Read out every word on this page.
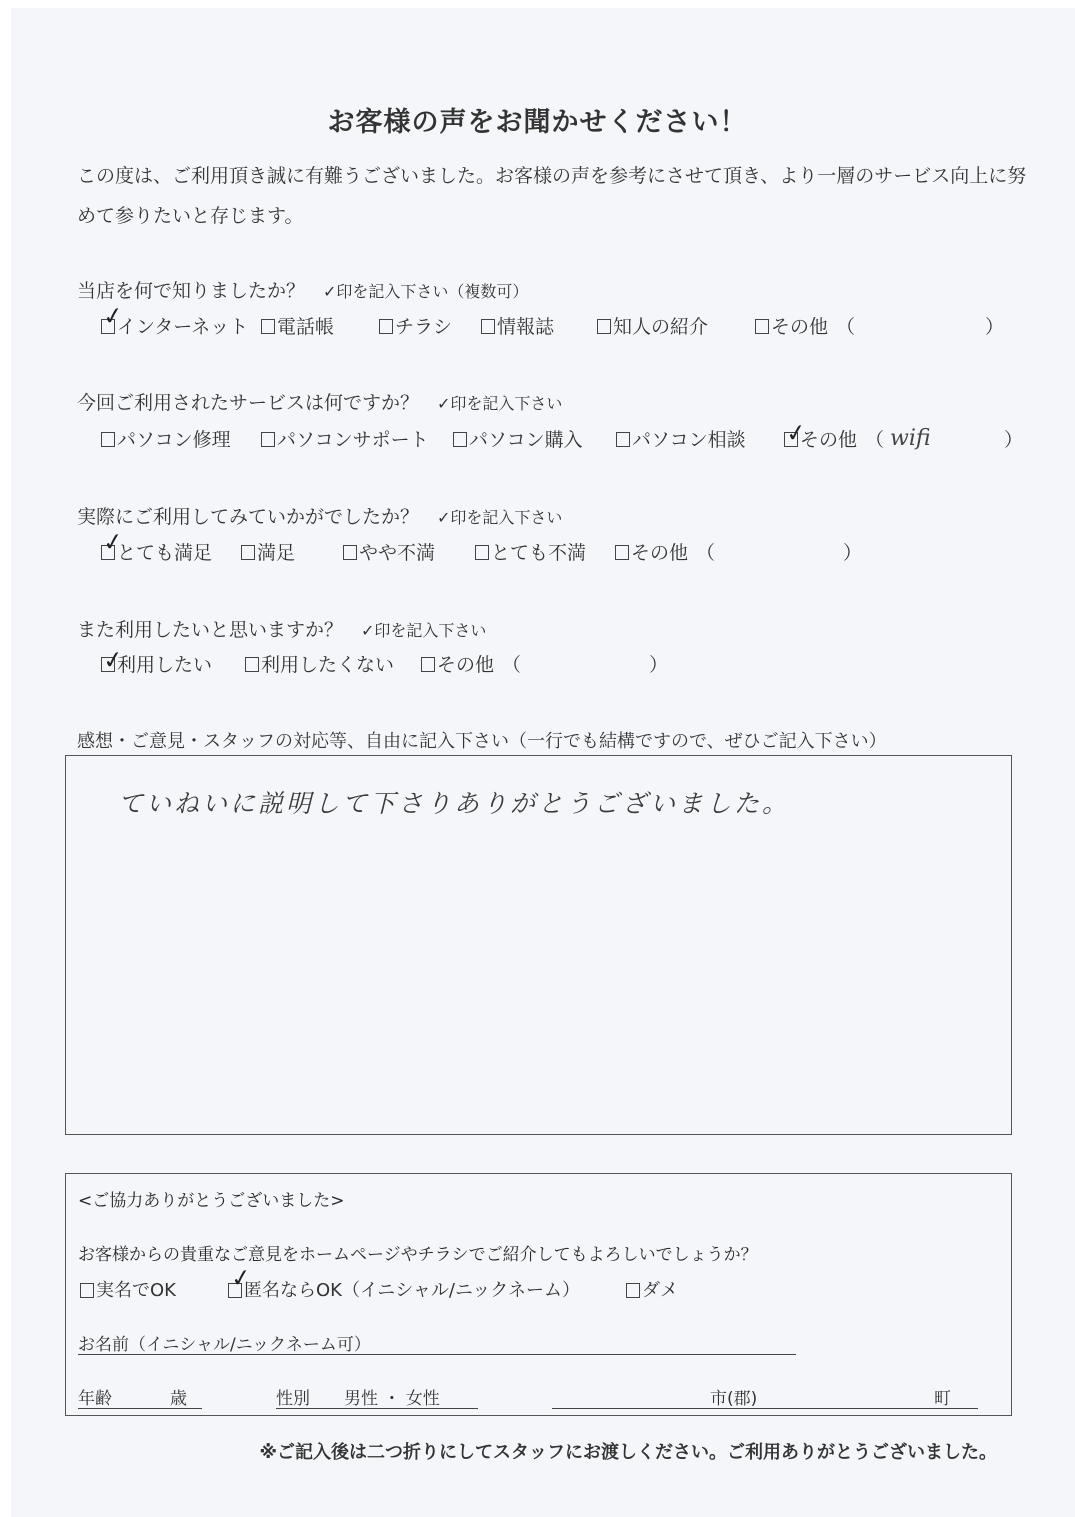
お客様の声をお聞かせください！
この度は、ご利用頂き誠に有難うございました。お客様の声を参考にさせて頂き、より一層のサービス向上に努
めて参りたいと存じます。
当店を何で知りましたか？ ✓印を記入下さい（複数可）
✓
インターネット 電話帳	チラシ 情報誌	知人の紹介	その他 （	）
今回ご利用されたサービスは何ですか？ ✓印を記入下さい
パソコン修理 パソコンサポート パソコン購入	パソコン相談 ✓
その他 （ wifi	）
実際にご利用してみていかがでしたか？ ✓印を記入下さい
✓
とても満足 満足	やや不満	とても不満 その他 （	）
また利用したいと思いますか？ ✓印を記入下さい
✓
利用したい	利用したくない その他 （	）
感想・ご意見・スタッフの対応等、自由に記入下さい（一行でも結構ですので、ぜひご記入下さい）
ていねいに説明して下さりありがとうございました。
<ご協力ありがとうございました>
お客様からの貴重なご意見をホームページやチラシでご紹介してもよろしいでしょうか？
実名でOK ✓
匿名ならOK（イニシャル/ニックネーム）	ダメ
お名前（イニシャル/ニックネーム可）
年齢	歳	性別 男性 ・ 女性	市(郡)	町
※ご記入後は二つ折りにしてスタッフにお渡しください。ご利用ありがとうございました。
